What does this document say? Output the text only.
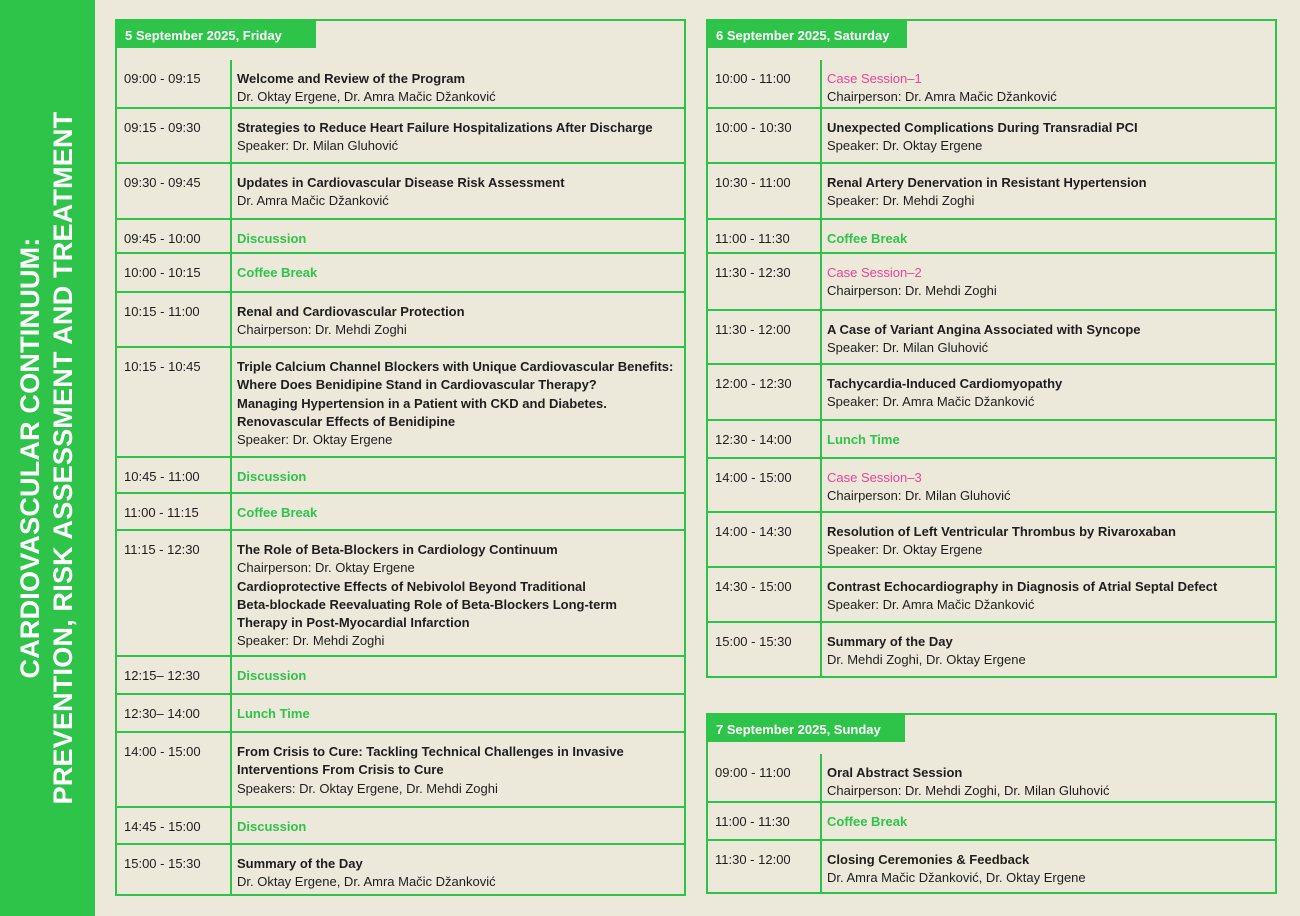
CARDIOVASCULAR CONTINUUM: PREVENTION, RISK ASSESSMENT AND TREATMENT
5 September 2025, Friday
09:00 - 09:15	Welcome and Review of the Program
Dr. Oktay Ergene, Dr. Amra Mačic Džanković
09:15 - 09:30	Strategies to Reduce Heart Failure Hospitalizations After Discharge
Speaker: Dr. Milan Gluhović
09:30 - 09:45	Updates in Cardiovascular Disease Risk Assessment
Dr. Amra Mačic Džanković
09:45 - 10:00	Discussion
10:00 - 10:15	Coffee Break
10:15 - 11:00	Renal and Cardiovascular Protection
Chairperson: Dr. Mehdi Zoghi
10:15 - 10:45	Triple Calcium Channel Blockers with Unique Cardiovascular Benefits:
Where Does Benidipine Stand in Cardiovascular Therapy?
Managing Hypertension in a Patient with CKD and Diabetes.
Renovascular Effects of Benidipine
Speaker: Dr. Oktay Ergene
10:45 - 11:00	Discussion
11:00 - 11:15	Coffee Break
11:15 - 12:30	The Role of Beta-Blockers in Cardiology Continuum
Chairperson: Dr. Oktay Ergene
Cardioprotective Effects of Nebivolol Beyond Traditional
Beta-blockade Reevaluating Role of Beta-Blockers Long-term
Therapy in Post-Myocardial Infarction
Speaker: Dr. Mehdi Zoghi
12:15– 12:30	Discussion
12:30– 14:00	Lunch Time
14:00 - 15:00	From Crisis to Cure: Tackling Technical Challenges in Invasive
Interventions From Crisis to Cure
Speakers: Dr. Oktay Ergene, Dr. Mehdi Zoghi
14:45 - 15:00	Discussion
15:00 - 15:30	Summary of the Day
Dr. Oktay Ergene, Dr. Amra Mačic Džanković
6 September 2025, Saturday
10:00 - 11:00	Case Session–1
Chairperson: Dr. Amra Mačic Džanković
10:00 - 10:30	Unexpected Complications During Transradial PCI
Speaker: Dr. Oktay Ergene
10:30 - 11:00	Renal Artery Denervation in Resistant Hypertension
Speaker: Dr. Mehdi Zoghi
11:00 - 11:30	Coffee Break
11:30 - 12:30	Case Session–2
Chairperson: Dr. Mehdi Zoghi
11:30 - 12:00	A Case of Variant Angina Associated with Syncope
Speaker: Dr. Milan Gluhović
12:00 - 12:30	Tachycardia-Induced Cardiomyopathy
Speaker: Dr. Amra Mačic Džanković
12:30 - 14:00	Lunch Time
14:00 - 15:00	Case Session–3
Chairperson: Dr. Milan Gluhović
14:00 - 14:30	Resolution of Left Ventricular Thrombus by Rivaroxaban
Speaker: Dr. Oktay Ergene
14:30 - 15:00	Contrast Echocardiography in Diagnosis of Atrial Septal Defect
Speaker: Dr. Amra Mačic Džanković
15:00 - 15:30	Summary of the Day
Dr. Mehdi Zoghi, Dr. Oktay Ergene
7 September 2025, Sunday
09:00 - 11:00	Oral Abstract Session
Chairperson: Dr. Mehdi Zoghi, Dr. Milan Gluhović
11:00 - 11:30	Coffee Break
11:30 - 12:00	Closing Ceremonies & Feedback
Dr. Amra Mačic Džanković, Dr. Oktay Ergene
